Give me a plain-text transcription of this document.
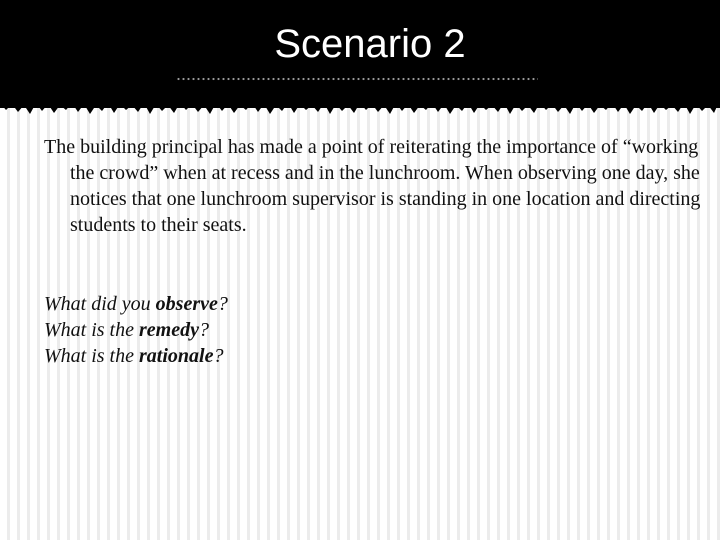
Scenario 2
The building principal has made a point of reiterating the importance of “working the crowd” when at recess and in the lunchroom. When observing one day, she notices that one lunchroom supervisor is standing in one location and directing students to their seats.
What did you observe?
What is the remedy?
What is the rationale?
